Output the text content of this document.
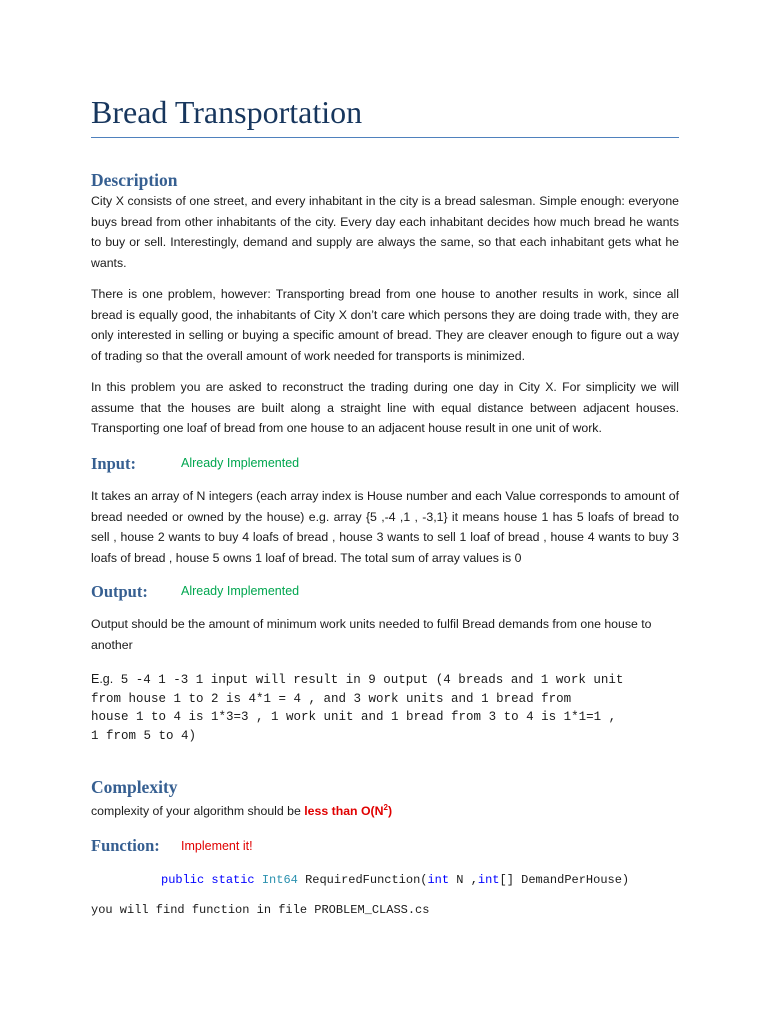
Bread Transportation
Description
City X consists of one street, and every inhabitant in the city is a bread salesman. Simple enough: everyone buys bread from other inhabitants of the city. Every day each inhabitant decides how much bread he wants to buy or sell. Interestingly, demand and supply are always the same, so that each inhabitant gets what he wants.
There is one problem, however: Transporting bread from one house to another results in work, since all bread is equally good, the inhabitants of City X don’t care which persons they are doing trade with, they are only interested in selling or buying a specific amount of bread. They are cleaver enough to figure out a way of trading so that the overall amount of work needed for transports is minimized.
In this problem you are asked to reconstruct the trading during one day in City X. For simplicity we will assume that the houses are built along a straight line with equal distance between adjacent houses. Transporting one loaf of bread from one house to an adjacent house result in one unit of work.
Input:	Already Implemented
It takes an array of N integers (each array index is House number and each Value corresponds to amount of bread needed or owned by the house) e.g. array {5 ,-4 ,1 , -3,1} it means house 1 has 5 loafs of bread to sell , house 2 wants to buy 4 loafs of bread , house 3 wants to sell 1 loaf of bread , house 4 wants to buy 3 loafs of bread , house 5 owns 1 loaf of bread. The total sum of array values is 0
Output:	Already Implemented
Output should be the amount of minimum work units needed to fulfil Bread demands from one house to another
E.g. 5 -4 1 -3 1 input will result in 9 output (4 breads and 1 work unit
from house 1 to 2 is 4*1 = 4 , and 3 work units and 1 bread from
house 1 to 4 is 1*3=3 , 1 work unit and 1 bread from 3 to 4 is 1*1=1 ,
1 from 5 to 4)
Complexity
complexity of your algorithm should be less than $O(N^2)$
Function: Implement it!
public static Int64 RequiredFunction(int N ,int[] DemandPerHouse)
you will find function in file PROBLEM_CLASS.cs
